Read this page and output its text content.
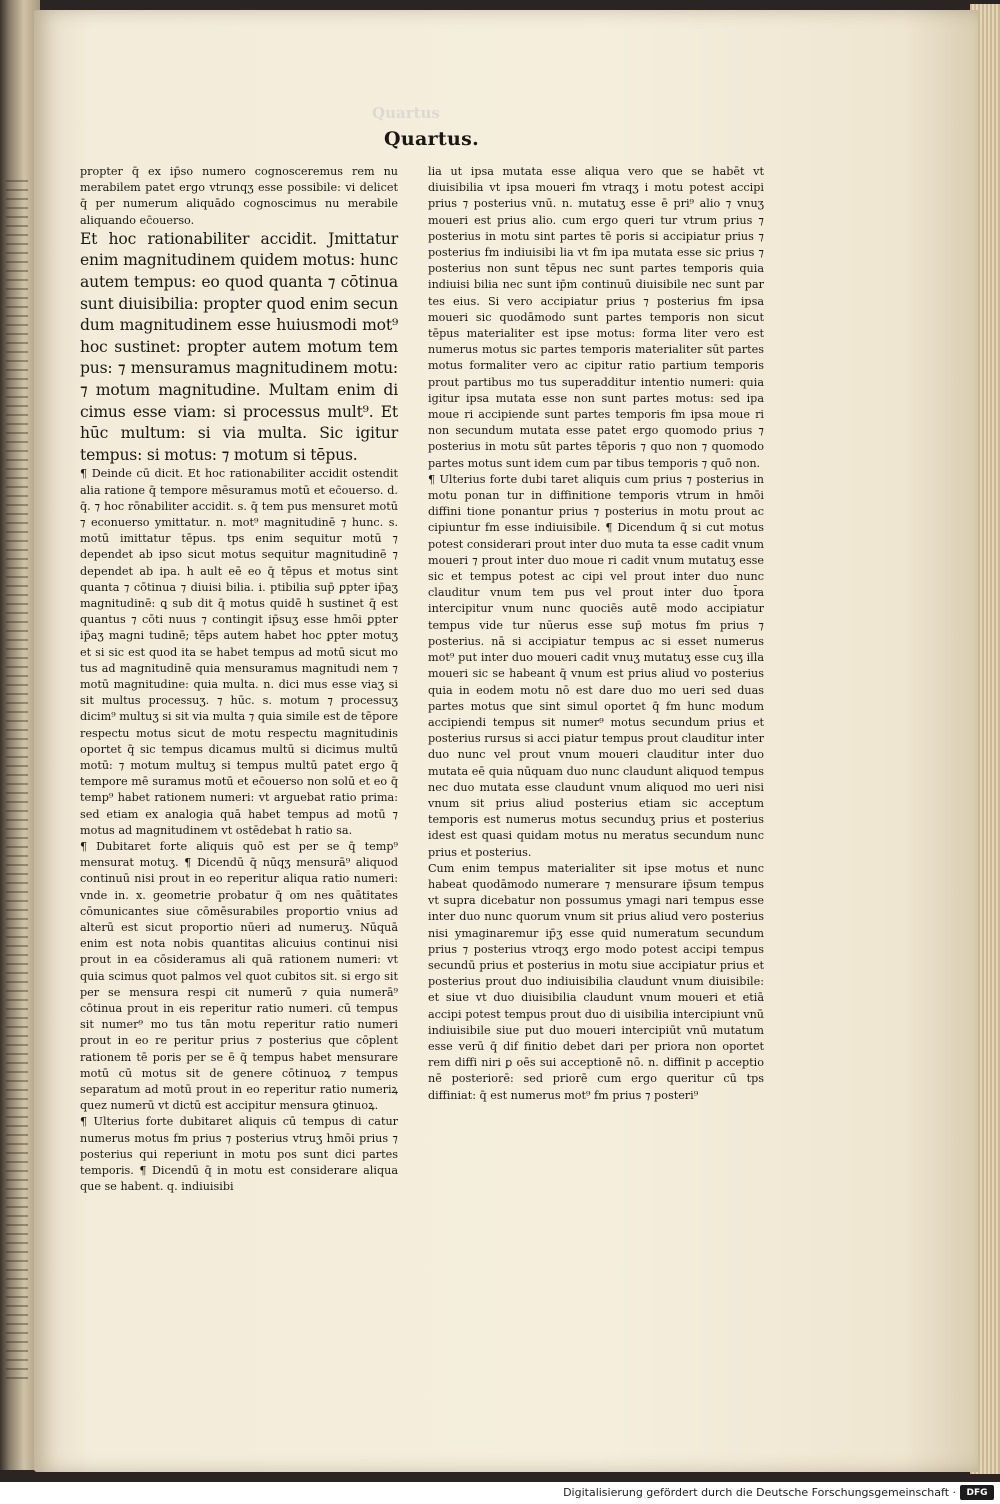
Quartus
Quartus.

propter q̄ ex ip̄so numero cognosceremus rem nu merabilem patet ergo vtrunqʒ esse possibile: vi delicet q̄ per numerum aliquādo cognoscimus nu merabile aliquando ec̄ouerso.

Et hoc rationabiliter accidit. Jmittatur enim magnitudinem quidem motus: hunc autem tempus: eo quod quanta ⁊ cōtinua sunt diuisibilia: propter quod enim secun dum magnitudinem esse huiusmodi mot⁹ hoc sustinet: propter autem motum tem pus: ⁊ mensuramus magnitudinem motu: ⁊ motum magnitudine. Multam enim di cimus esse viam: si processus mult⁹. Et hūc multum: si via multa. Sic igitur tempus: si motus: ⁊ motum si tēpus.

¶ Deinde cū dicit. Et hoc rationabiliter accidit ostendit alia ratione q̄ tempore mēsuramus motū et ec̄ouerso. d. q̄. ⁊ hoc rōnabiliter accidit. s. q̄ tem pus mensuret motū ⁊ econuerso ymittatur. n. mot⁹ magnitudinē ⁊ hunc. s. motū imittatur tēpus. tps enim sequitur motū ⁊ dependet ab ipso sicut motus sequitur magnitudinē ⁊ dependet ab ipa. h ault eē eo q̄ tēpus et motus sint quanta ⁊ cōtinua ⁊ diuisi bilia. i. ptibilia sup̄ ꝑpter ip̄aʒ magnitudinē: ꝗ sub dit q̄ motus quidē h sustinet q̄ est quantus ⁊ cōti nuus ⁊ contingit ip̄suʒ esse hmōi ꝑpter ip̄aʒ magni tudinē; tēps autem habet hoc ꝑpter motuʒ et si sic est quod ita se habet tempus ad motū sicut mo tus ad magnitudinē quia mensuramus magnitudi nem ⁊ motū magnitudine: quia multa. n. dici mus esse viaʒ si sit multus processuʒ. ⁊ hūc. s. motum ⁊ processuʒ dicim⁹ multuʒ si sit via multa ⁊ quia simile est de tēpore respectu motus sicut de motu respectu magnitudinis oportet q̄ sic tempus dicamus multū si dicimus multū motū: ⁊ motum multuʒ si tempus multū patet ergo q̄ tempore mē suramus motū et ec̄ouerso non solū et eo q̄ temp⁹ habet rationem numeri: vt arguebat ratio prima: sed etiam ex analogia quā habet tempus ad motū ⁊ motus ad magnitudinem vt ostēdebat h ratio sa.

¶ Dubitaret forte aliquis quō est per se q̄ temp⁹ mensurat motuʒ. ¶ Dicendū q̄ nūqʒ mensurā⁹ aliquod continuū nisi prout in eo reperitur aliqua ratio numeri: vnde in. x. geometrie probatur q̄ om nes quātitates cōmunicantes siue cōmēsurabiles proportio vnius ad alterū est sicut proportio nūeri ad numeruʒ. Nūquā enim est nota nobis quantitas alicuius continui nisi prout in ea cōsideramus ali quā rationem numeri: vt quia scimus quot palmos vel quot cubitos sit. si ergo sit per se mensura respi cit numerū ⁊ quia numerā⁹ cōtinua prout in eis reperitur ratio numeri. cū tempus sit numer⁹ mo tus tān motu reperitur ratio numeri prout in eo re peritur prius ⁊ posterius que cōplent rationem tē poris per se ē q̄ tempus habet mensurare motū cū motus sit de genere cōtinuoꝝ ⁊ tempus separatum ad motū prout in eo reperitur ratio numeriꝝ quez numerū vt dictū est accipitur mensura ꝯtinuoꝝ.

¶ Ulterius forte dubitaret aliquis cū tempus di catur numerus motus fm prius ⁊ posterius vtruʒ hmōi prius ⁊ posterius qui reperiunt in motu pos sunt dici partes temporis. ¶ Dicendū q̄ in motu est considerare aliqua que se habent. q. indiuisibi

lia ut ipsa mutata esse aliqua vero que se habēt vt diuisibilia vt ipsa moueri fm vtraqʒ i motu potest accipi prius ⁊ posterius vnū. n. mutatuʒ esse ē pri⁹ alio ⁊ vnuʒ moueri est prius alio. cum ergo queri tur vtrum prius ⁊ posterius in motu sint partes tē poris si accipiatur prius ⁊ posterius fm indiuisibi lia vt fm ipa mutata esse sic prius ⁊ posterius non sunt tēpus nec sunt partes temporis quia indiuisi bilia nec sunt ip̄m continuū diuisibile nec sunt par tes eius. Si vero accipiatur prius ⁊ posterius fm ipsa moueri sic quodāmodo sunt partes temporis non sicut tēpus materialiter est ipse motus: forma liter vero est numerus motus sic partes temporis materialiter sūt partes motus formaliter vero ac cipitur ratio partium temporis prout partibus mo tus superadditur intentio numeri: quia igitur ipsa mutata esse non sunt partes motus: sed ipa moue ri accipiende sunt partes temporis fm ipsa moue ri non secundum mutata esse patet ergo quomodo prius ⁊ posterius in motu sūt partes tēporis ⁊ quo non ⁊ quomodo partes motus sunt idem cum par tibus temporis ⁊ quō non.

¶ Ulterius forte dubi taret aliquis cum prius ⁊ posterius in motu ponan tur in diffinitione temporis vtrum in hmōi diffini tione ponantur prius ⁊ posterius in motu prout ac cipiuntur fm esse indiuisibile. ¶ Dicendum q̄ si cut motus potest considerari prout inter duo muta ta esse cadit vnum moueri ⁊ prout inter duo moue ri cadit vnum mutatuʒ esse sic et tempus potest ac cipi vel prout inter duo nunc clauditur vnum tem pus vel prout inter duo t̄pora intercipitur vnum nunc quociēs autē modo accipiatur tempus vide tur nūerus esse sup̄ motus fm prius ⁊ posterius. nā si accipiatur tempus ac si esset numerus mot⁹ put inter duo moueri cadit vnuʒ mutatuʒ esse cuʒ illa moueri sic se habeant q̄ vnum est prius aliud vo posterius quia in eodem motu nō est dare duo mo ueri sed duas partes motus que sint simul oportet q̄ fm hunc modum accipiendi tempus sit numer⁹ motus secundum prius et posterius rursus si acci piatur tempus prout clauditur inter duo nunc vel prout vnum moueri clauditur inter duo mutata eē quia nūquam duo nunc claudunt aliquod tempus nec duo mutata esse claudunt vnum aliquod mo ueri nisi vnum sit prius aliud posterius etiam sic acceptum temporis est numerus motus secunduʒ prius et posterius idest est quasi quidam motus nu meratus secundum nunc prius et posterius.

Cum enim tempus materialiter sit ipse motus et nunc habeat quodāmodo numerare ⁊ mensurare ip̄sum tempus vt supra dicebatur non possumus ymagi nari tempus esse inter duo nunc quorum vnum sit prius aliud vero posterius nisi ymaginaremur ip̄ʒ esse quid numeratum secundum prius ⁊ posterius vtroqʒ ergo modo potest accipi tempus secundū prius et posterius in motu siue accipiatur prius et posterius prout duo indiuisibilia claudunt vnum diuisibile: et siue vt duo diuisibilia claudunt vnum moueri et etiā accipi potest tempus prout duo di uisibilia intercipiunt vnū indiuisibile siue put duo moueri intercipiūt vnū mutatum esse verū q̄ dif finitio debet dari per priora non oportet rem diffi niri ꝑ oēs sui acceptionē nō. n. diffinit p acceptio nē posteriorē: sed priorē cum ergo queritur cū tps diffiniat: q̄ est numerus mot⁹ fm prius ⁊ posteri⁹

Digitalisierung gefördert durch die Deutsche Forschungsgemeinschaft ·	DFG
